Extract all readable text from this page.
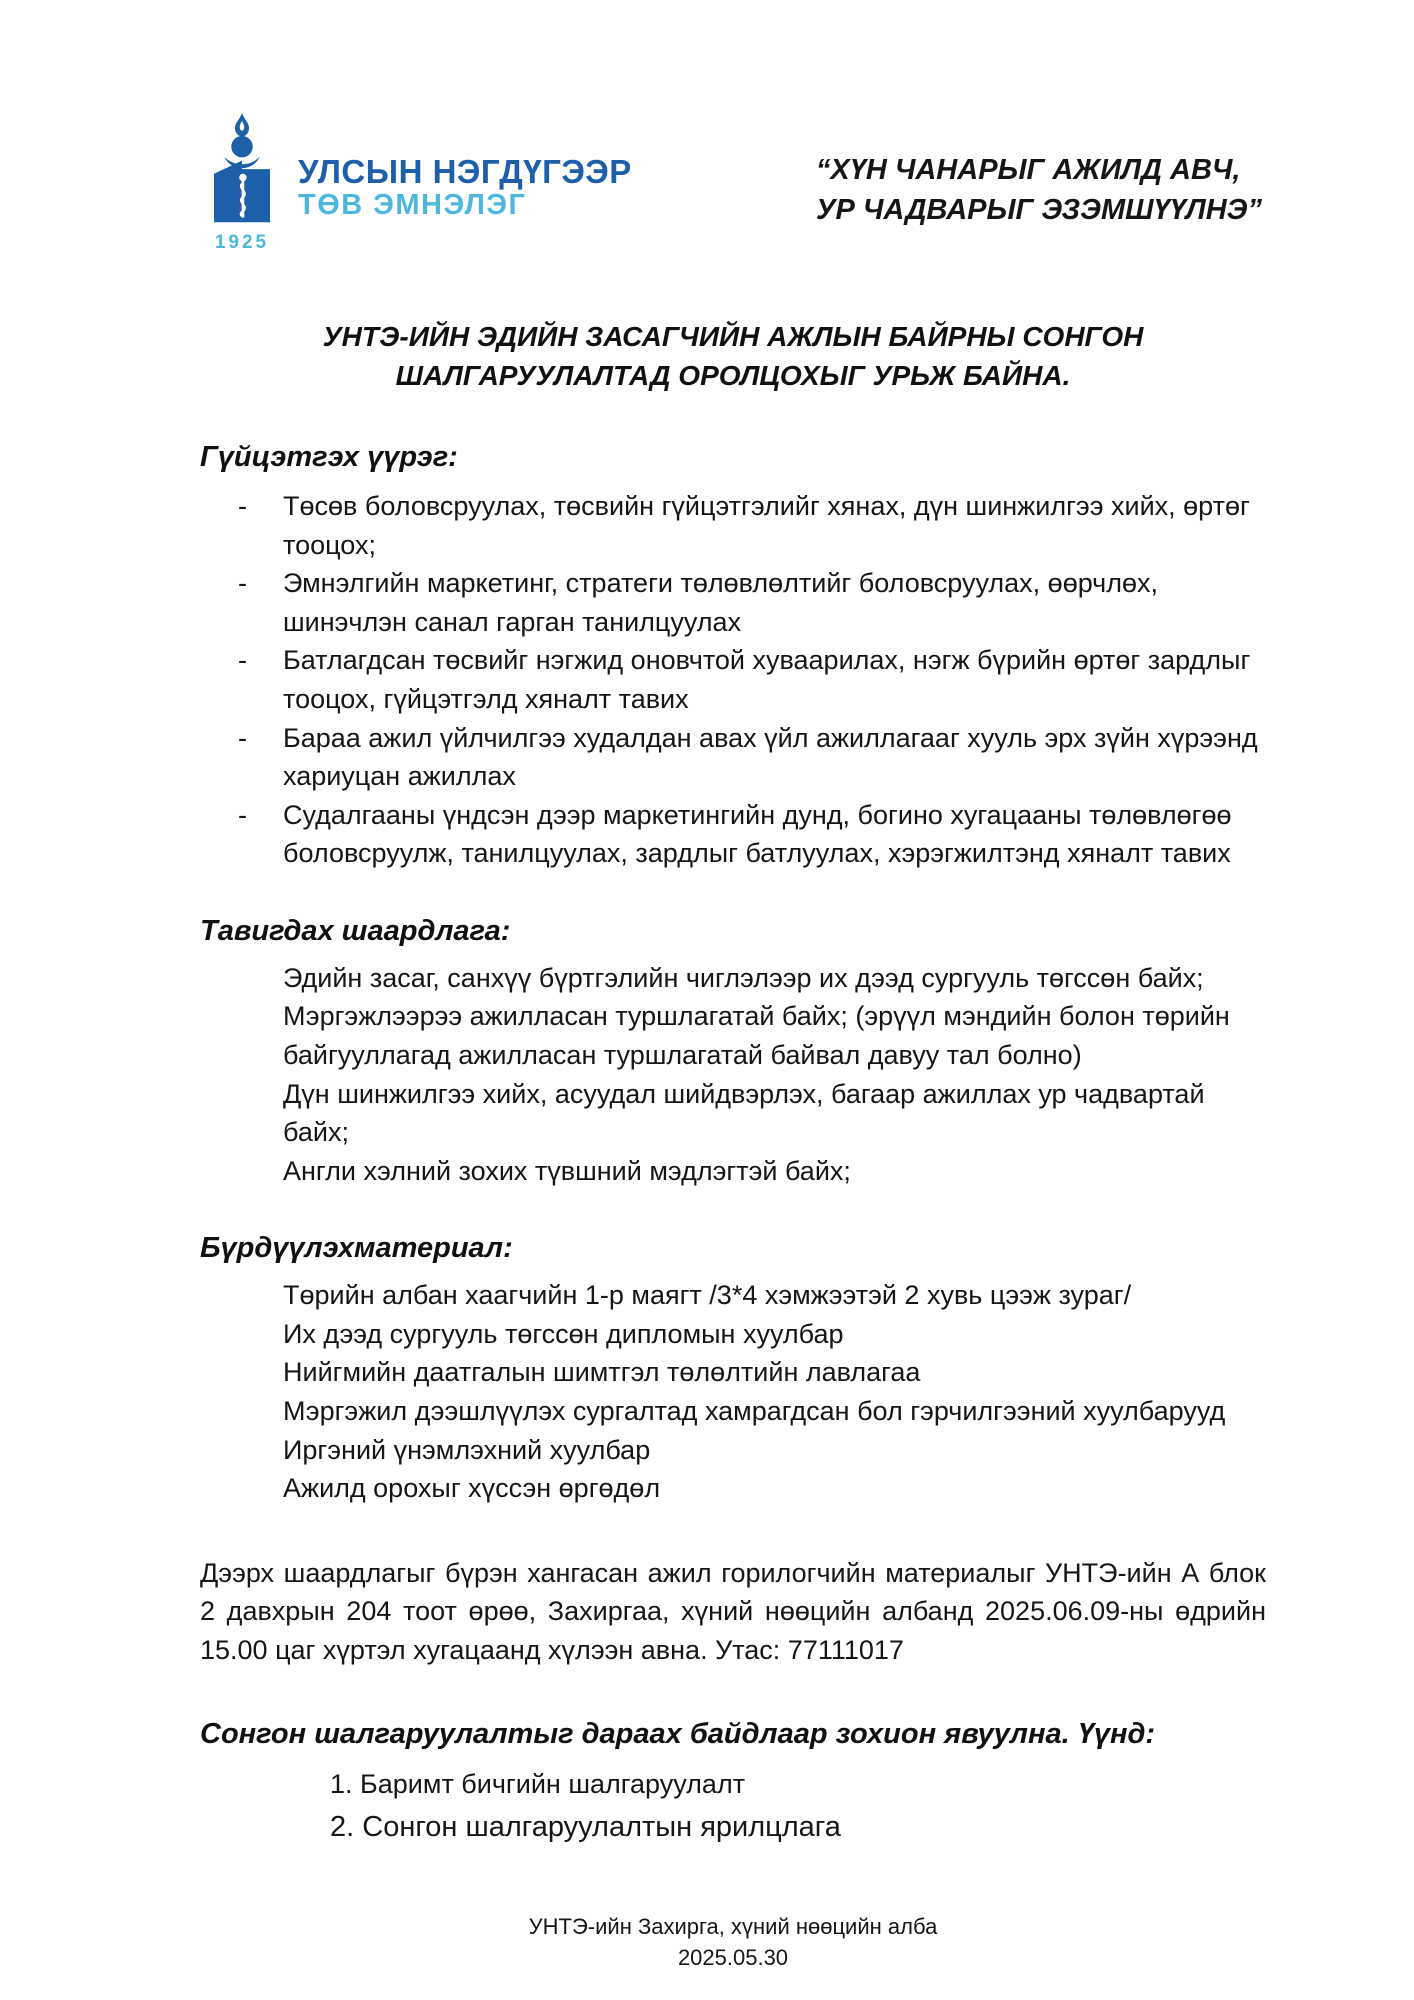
1925
УЛСЫН НЭГДҮГЭЭР
ТӨВ ЭМНЭЛЭГ
“ХҮН ЧАНАРЫГ АЖИЛД АВЧ,
УР ЧАДВАРЫГ ЭЗЭМШҮҮЛНЭ”
УНТЭ-ИЙН ЭДИЙН ЗАСАГЧИЙН АЖЛЫН БАЙРНЫ СОНГОН
ШАЛГАРУУЛАЛТАД ОРОЛЦОХЫГ УРЬЖ БАЙНА.
Гүйцэтгэх үүрэг:
-	Төсөв боловсруулах, төсвийн гүйцэтгэлийг хянах, дүн шинжилгээ хийх, өртөг тооцох;
-	Эмнэлгийн маркетинг, стратеги төлөвлөлтийг боловсруулах, өөрчлөх, шинэчлэн санал гарган танилцуулах
-	Батлагдсан төсвийг нэгжид оновчтой хуваарилах, нэгж бүрийн өртөг зардлыг тооцох, гүйцэтгэлд хяналт тавих
-	Бараа ажил үйлчилгээ худалдан авах үйл ажиллагааг хууль эрх зүйн хүрээнд хариуцан ажиллах
-	Судалгааны үндсэн дээр маркетингийн дунд, богино хугацааны төлөвлөгөө боловсруулж, танилцуулах, зардлыг батлуулах, хэрэгжилтэнд хяналт тавих
Тавигдах шаардлага:
Эдийн засаг, санхүү бүртгэлийн чиглэлээр их дээд сургууль төгссөн байх;
Мэргэжлээрээ ажилласан туршлагатай байх; (эрүүл мэндийн болон төрийн байгууллагад ажилласан туршлагатай байвал давуу тал болно)
Дүн шинжилгээ хийх, асуудал шийдвэрлэх, багаар ажиллах ур чадвартай байх;
Англи хэлний зохих түвшний мэдлэгтэй байх;
Бүрдүүлэхматериал:
Төрийн албан хаагчийн 1-р маягт /3*4 хэмжээтэй 2 хувь цээж зураг/
Их дээд сургууль төгссөн дипломын хуулбар
Нийгмийн даатгалын шимтгэл төлөлтийн лавлагаа
Мэргэжил дээшлүүлэх сургалтад хамрагдсан бол гэрчилгээний хуулбарууд
Иргэний үнэмлэхний хуулбар
Ажилд орохыг хүссэн өргөдөл
Дээрх шаардлагыг бүрэн хангасан ажил горилогчийн материалыг УНТЭ-ийн А блок 2 давхрын 204 тоот өрөө, Захиргаа, хүний нөөцийн албанд 2025.06.09-ны өдрийн 15.00 цаг хүртэл хугацаанд хүлээн авна. Утас: 77111017
Сонгон шалгаруулалтыг дараах байдлаар зохион явуулна. Үүнд:
1. Баримт бичгийн шалгаруулалт
2. Сонгон шалгаруулалтын ярилцлага
УНТЭ-ийн Захирга, хүний нөөцийн алба
2025.05.30
